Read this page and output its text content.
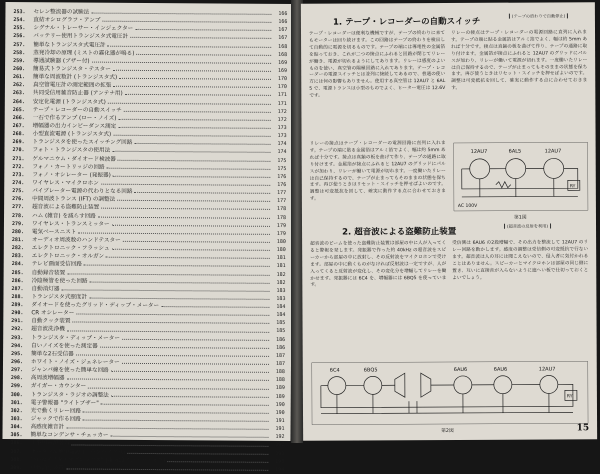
253.	セレン整流器の試験法	166
254.	直結オシログラフ・アンプ	166
255.	シグナル・トレーサー・インジェクター	167
256.	バッテリー使用トランジスタ式電圧計	167
257.	簡単なトランジスタ式電圧計	168
258.	蒸発冷却の原理 (ミストの霧化器が鳴る)	168
259.	導通試験器 (ブザー付)	169
260.	簡易式トランジスタ・テスター	169
261.	簡単な周波数計 (トランジスタ式)	170
262.	真空管電圧計の測定範囲の拡張	170
263.	共同受信用雑音防止器 (アンテナ用)	171
264.	安定化電源 (トランジスタ式)	171
265.	テープ・レコーダーの自動スイッチ	172
266.	一石で作るアンプ (ロー・ノイズ)	172
267.	増幅器の出力インピーダンス測定	173
268.	小型直流電源 (トランジスタ式)	173
269.	トランジスタを使ったスイッチング回路	174
270.	フォト・トランジスタの使用法	174
271.	ゲルマニウム・ダイオード検波器	175
272.	フォノ・カートリッジの回路	175
273.	フォノ・オシレーター (発振器)	176
274.	ワイヤレス・マイクロホン	176
275.	バイブレーター電源の代わりとなる回路	177
276.	中間周波トランス (IFT) の調整法	177
277.	超音波による盗難防止装置	178
278.	ハム (雑音) を減らす回路	178
279.	ワイヤレス・トランスミッター	179
280.	電気ベースニスト	179
281.	オーディオ周波数のハンドテスター	180
282.	エレクトロニック・フラッシュ	180
283.	エレクトロニック・オルガン	181
284.	テレビ画面受信回路	181
285.	自動録音装置	182
286.	冷陰極管を使った回路	182
287.	自動消灯器	183
288.	トランジスタ式照度計	183
289.	ダイオードを使ったグリッド・ディップ・メーター	184
290.	CR オシレーター	184
291.	自動クック装置	185
292.	超音波洗浄機	185
293.	トランジスタ・ディップ・メーター	186
294.	白いノイズを使った測定器	186
295.	簡単な2石受信器	187
296.	ホワイト・ノイズ・ジェネレーター	187
297.	ジャンパ線を使った簡単な回路	188
298.	高周波増幅器	188
299.	ガイガー・カウンター	189
300.	トランジスタ・ラジオの調整法	189
301.	電子警報器 "ライトブザー"	190
302.	光で動くリレー回路	190
303.	ジャックで作る回路	191
304.	高感度雑音計	191
305.	簡単なコンデンサ・チェッカー	192
306.	工事用電源装置	192
307.	ポータブル簡単電源 (トランジスタ式)	193
308.	いわゆる "ダイオプレックス" (電気的アンテナ・オフ)	193
309.	自動消灯装置	194
1. テープ・レコーダーの自動スイッチ
(テープの終わりで自動停止)
テープ・レコーダーは便利な機械ですが、テープの終わりに来てもモーターは回り続けます。この回路はテープの終わりを検出して自動的に電源を切るものです。テープの端には導電性の金属箔を貼っておき、これが二つの接点にふれると回路が閉じてリレーが働き、電源が切れるようにしてあります。リレーは感度のよいものを使い、真空管の陽極回路に入れてあります。テープ・レコーダーの電源スイッチとは並列に接続してあるので、普通の使い方には何の影響もありません。使用する真空管は 12AU7 と 6AL5 で、電源トランスは小型のものでよく、ヒーター電圧は 12.6V です。
リレーの接点はテープ・レコーダーの電源回路に直列に入れます。テープの端に貼る金属箔はアルミ箔でよく、幅は約 5mm あれば十分です。接点は真鍮の板を曲げて作り、テープの通路に取り付けます。金属箔が接点にふれると 12AU7 のグリッドにパルスが加わり、リレーが働いて電源が切れます。一度働いたリレーは自己保持するので、テープが止まってもそのままの状態を保ちます。再び使うときはリセット・スイッチを押せばよいのです。調整は可変抵抗を回して、確実に動作する点に合わせておきます。
12AU7	6AL5	12AU7
RY
AC 100V
リレーの接点はテープ・レコーダーの電源回路に直列に入れます。テープの端に貼る金属箔はアルミ箔でよく、幅は約 5mm あれば十分です。接点は真鍮の板を曲げて作り、テープの通路に取り付けます。金属箔が接点にふれると 12AU7 のグリッドにパルスが加わり、リレーが働いて電源が切れます。一度働いたリレーは自己保持するので、テープが止まってもそのままの状態を保ちます。再び使うときはリセット・スイッチを押せばよいのです。調整は可変抵抗を回して、確実に動作する点に合わせておきます。
第1図
2. 超音波による盗難防止装置
(超音波の反射を利用)
超音波のビームを使った盗難防止装置は部屋の中に人が入ってくると警報を発します。発振器で作った約 40kHz の超音波をスピーカーから部屋の中に放射し、その反射波をマイクロホンで受けます。部屋の中に動くものがなければ反射波は一定ですが、人が入ってくると反射波が変化し、その変化分を増幅してリレーを働かせます。発振器には 6C4 を、増幅器には 6BQ5 を使っています。
受信側は 6AU6 の2段増幅で、その出力を整流して 12AU7 のリレー回路を動かします。感度の調整は受信側の可変抵抗で行ないます。超音波は人の耳には聞こえないので、侵入者に気付かれることはありません。スピーカーとマイクロホンは部屋の同じ側に置き、互いに直接音が入らないように遮へい板で仕切っておくとよいでしょう。
6C4	6BQ5	6AU6	6AU6	12AU7
RY
第2図	15
